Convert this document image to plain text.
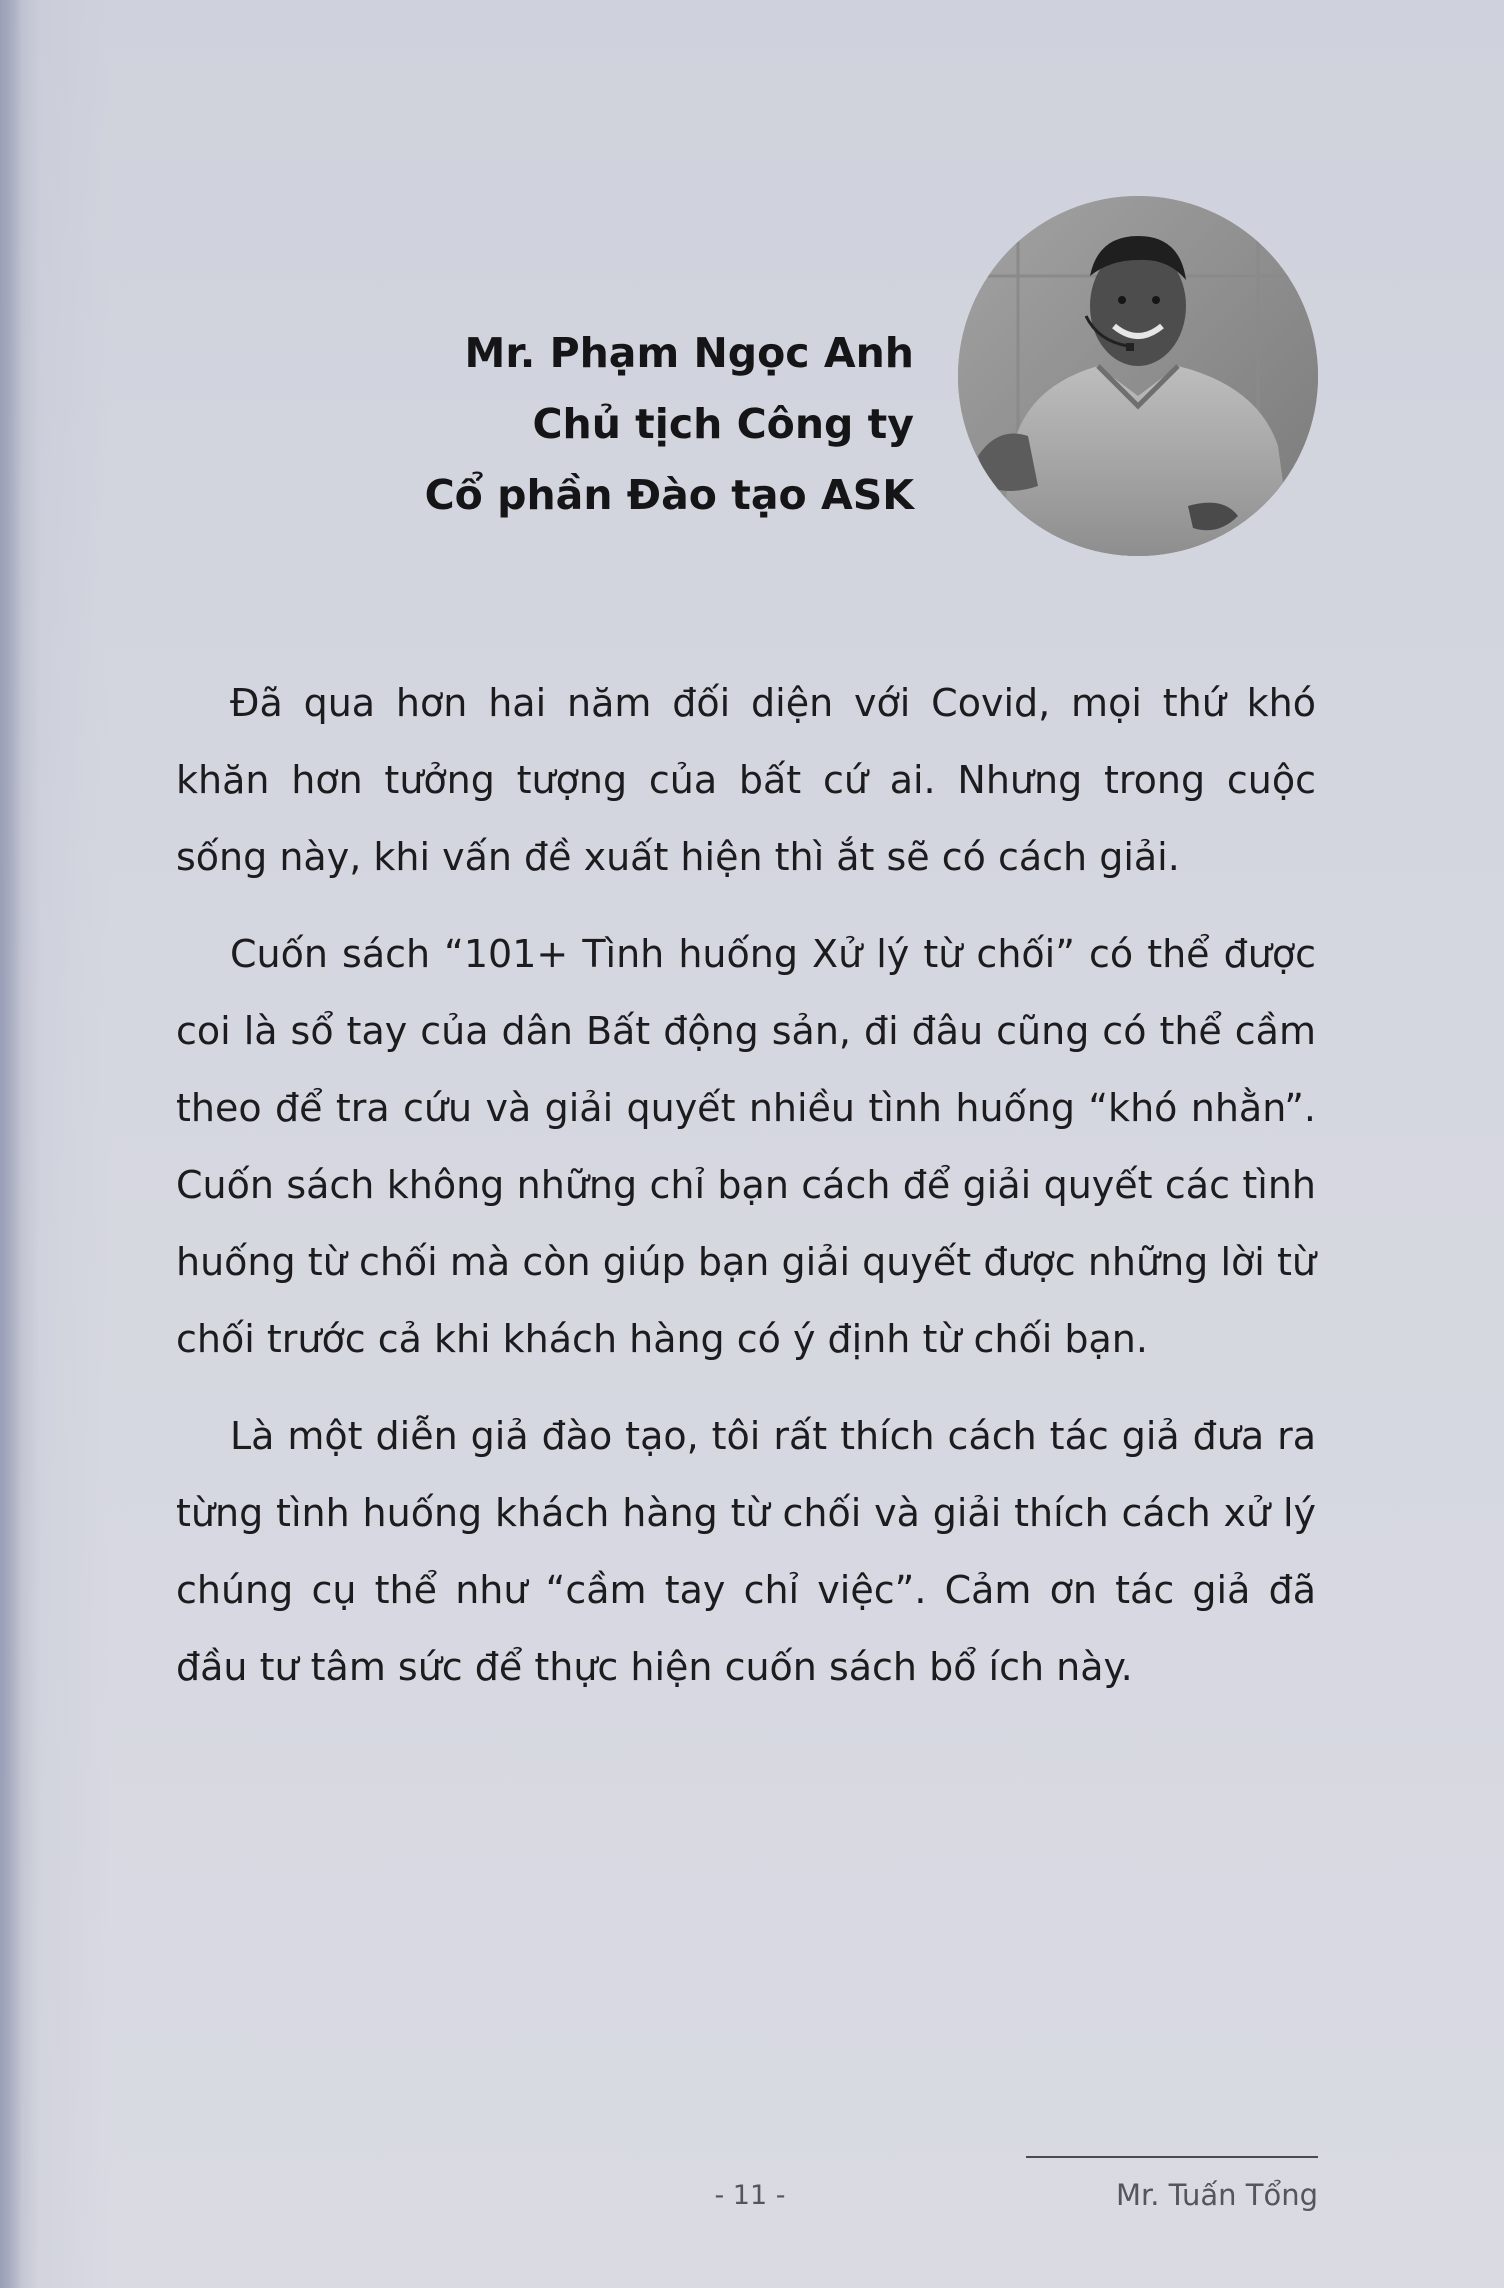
Mr. Phạm Ngọc Anh
Chủ tịch Công ty
Cổ phần Đào tạo ASK

Đã qua hơn hai năm đối diện với Covid, mọi thứ khó khăn hơn tưởng tượng của bất cứ ai. Nhưng trong cuộc sống này, khi vấn đề xuất hiện thì ắt sẽ có cách giải.

Cuốn sách “101+ Tình huống Xử lý từ chối” có thể được coi là sổ tay của dân Bất động sản, đi đâu cũng có thể cầm theo để tra cứu và giải quyết nhiều tình huống “khó nhằn”. Cuốn sách không những chỉ bạn cách để giải quyết các tình huống từ chối mà còn giúp bạn giải quyết được những lời từ chối trước cả khi khách hàng có ý định từ chối bạn.

Là một diễn giả đào tạo, tôi rất thích cách tác giả đưa ra từng tình huống khách hàng từ chối và giải thích cách xử lý chúng cụ thể như “cầm tay chỉ việc”. Cảm ơn tác giả đã đầu tư tâm sức để thực hiện cuốn sách bổ ích này.

- 11 -	Mr. Tuấn Tổng
